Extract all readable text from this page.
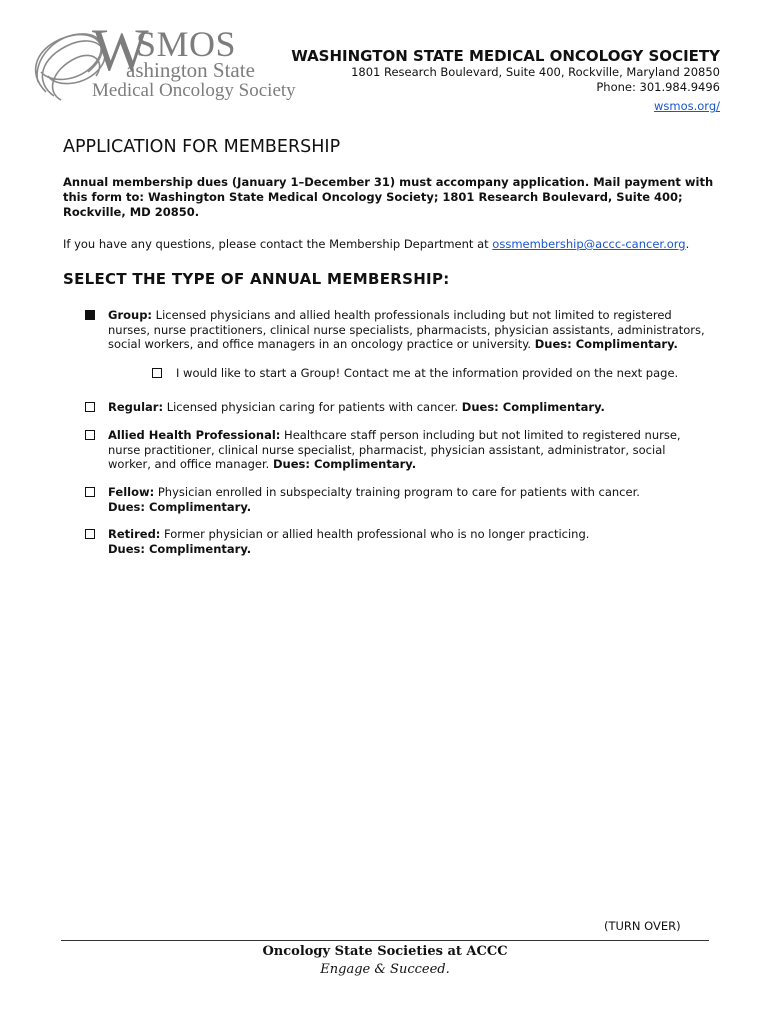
W
SMOS
ashington State
Medical Oncology Society
WASHINGTON STATE MEDICAL ONCOLOGY SOCIETY
1801 Research Boulevard, Suite 400, Rockville, Maryland 20850
Phone: 301.984.9496
wsmos.org/
APPLICATION FOR MEMBERSHIP
Annual membership dues (January 1–December 31) must accompany application. Mail payment with this form to: Washington State Medical Oncology Society; 1801 Research Boulevard, Suite 400; Rockville, MD 20850.
If you have any questions, please contact the Membership Department at ossmembership@accc-cancer.org.
SELECT THE TYPE OF ANNUAL MEMBERSHIP:
Group: Licensed physicians and allied health professionals including but not limited to registered nurses, nurse practitioners, clinical nurse specialists, pharmacists, physician assistants, administrators, social workers, and office managers in an oncology practice or university. Dues: Complimentary.
I would like to start a Group! Contact me at the information provided on the next page.
Regular: Licensed physician caring for patients with cancer. Dues: Complimentary.
Allied Health Professional: Healthcare staff person including but not limited to registered nurse, nurse practitioner, clinical nurse specialist, pharmacist, physician assistant, administrator, social worker, and office manager. Dues: Complimentary.
Fellow: Physician enrolled in subspecialty training program to care for patients with cancer. Dues: Complimentary.
Retired: Former physician or allied health professional who is no longer practicing. Dues: Complimentary.
(TURN OVER)
Oncology State Societies at ACCC
Engage & Succeed.
